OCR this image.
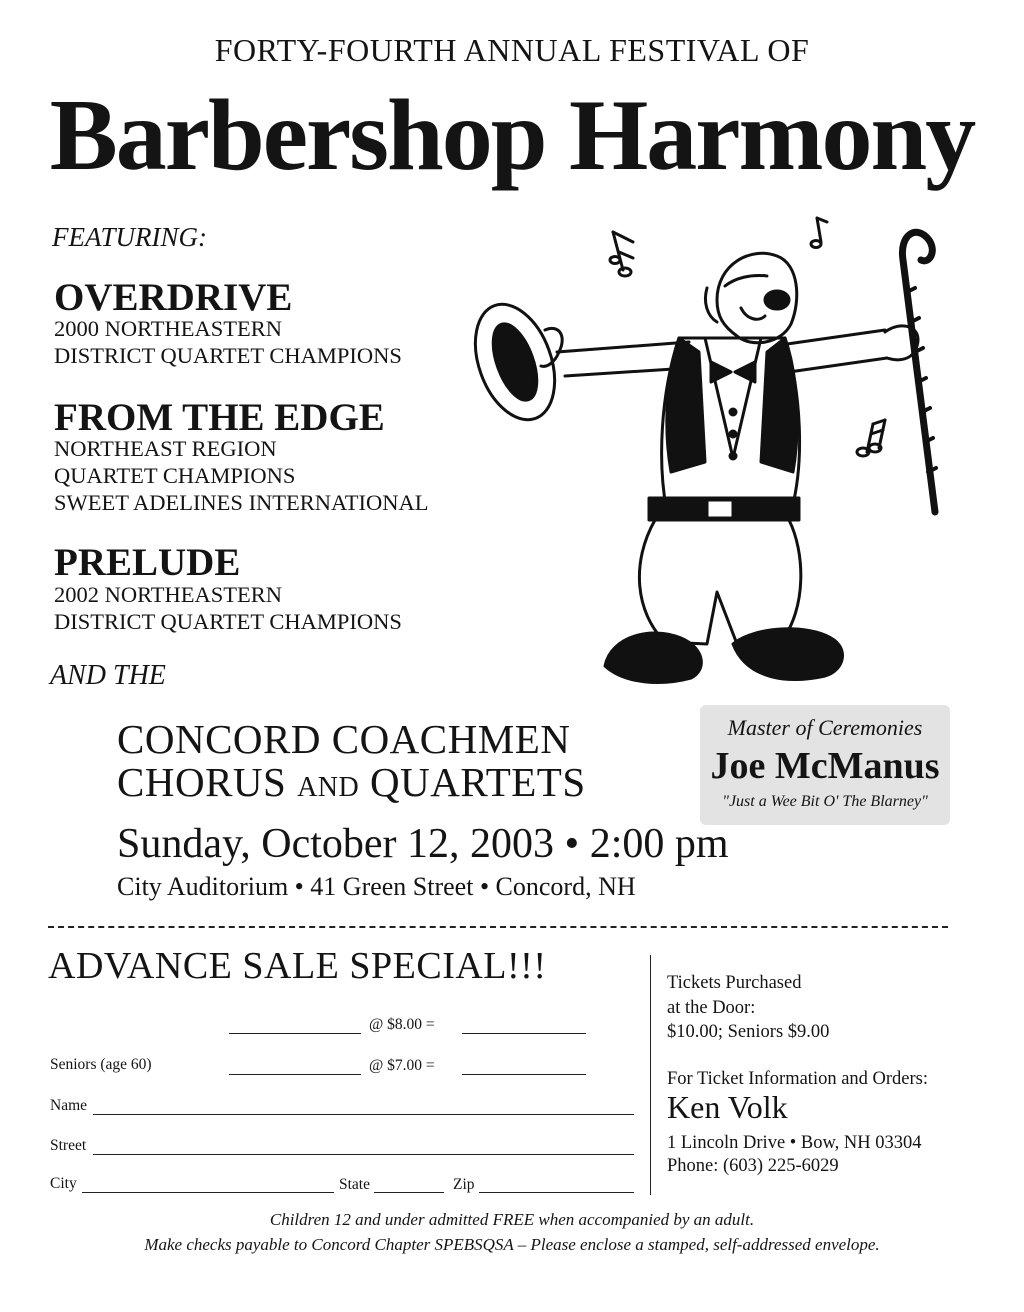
FORTY-FOURTH ANNUAL FESTIVAL OF
Barbershop Harmony
FEATURING:
OVERDRIVE
2000 NORTHEASTERN
DISTRICT QUARTET CHAMPIONS
FROM THE EDGE
NORTHEAST REGION
QUARTET CHAMPIONS
SWEET ADELINES INTERNATIONAL
PRELUDE
2002 NORTHEASTERN
DISTRICT QUARTET CHAMPIONS
AND THE
CONCORD COACHMEN
CHORUS AND QUARTETS
Master of Ceremonies
Joe McManus
"Just a Wee Bit O' The Blarney"
Sunday, October 12, 2003 • 2:00 pm
City Auditorium • 41 Green Street • Concord, NH
ADVANCE SALE SPECIAL!!!
@ $8.00 =
Seniors (age 60)	@ $7.00 =
Name
Street
City	State	Zip
Tickets Purchased
at the Door:
$10.00; Seniors $9.00
For Ticket Information and Orders:
Ken Volk
1 Lincoln Drive • Bow, NH 03304
Phone: (603) 225-6029
Children 12 and under admitted FREE when accompanied by an adult.
Make checks payable to Concord Chapter SPEBSQSA – Please enclose a stamped, self-addressed envelope.
